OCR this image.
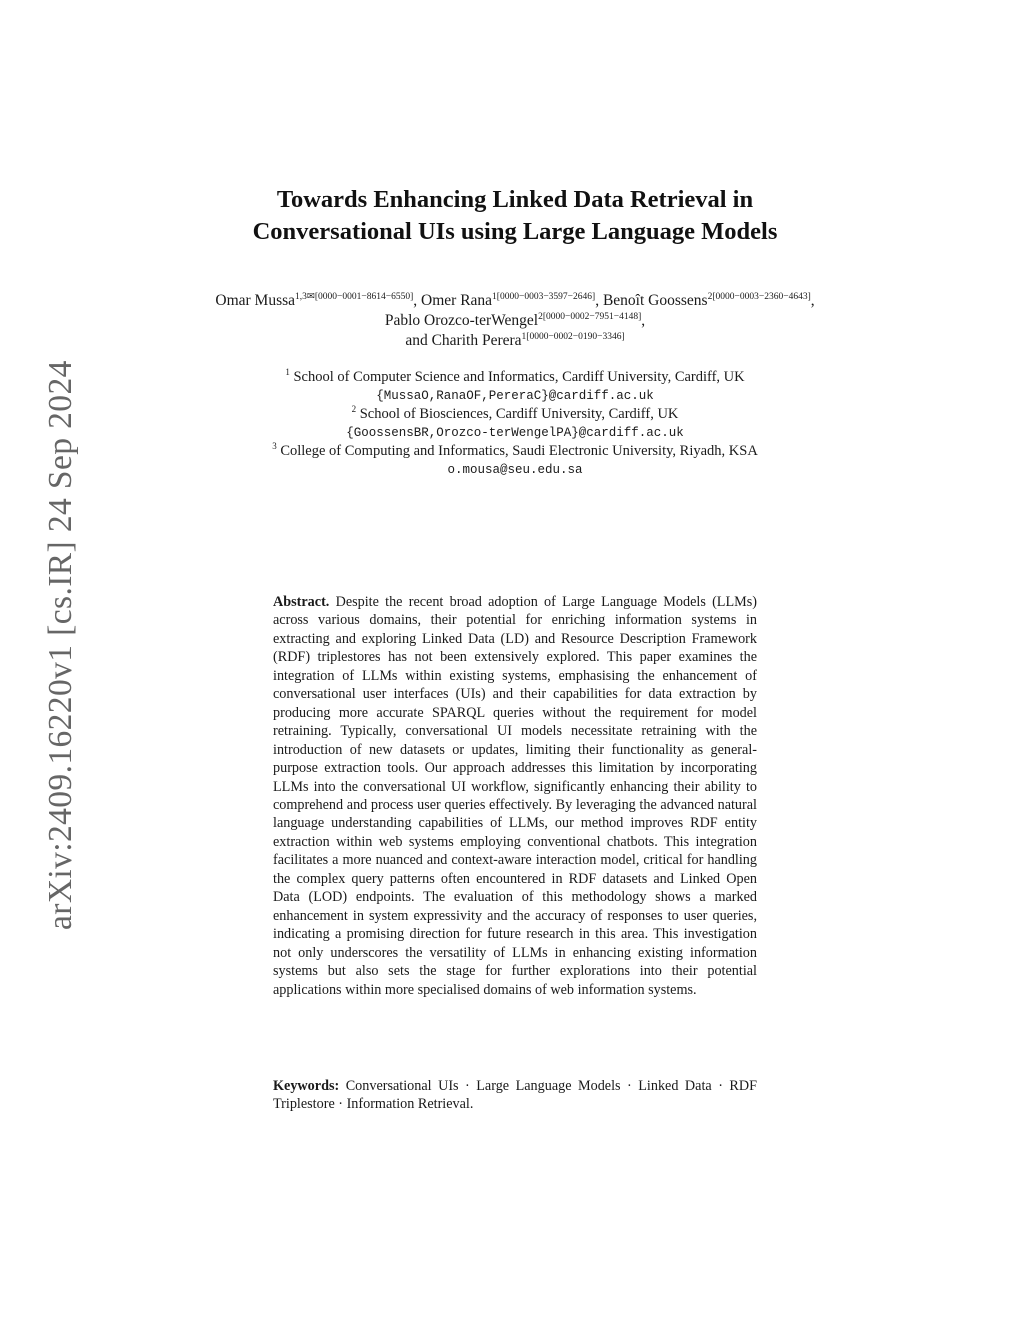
arXiv:2409.16220v1 [cs.IR] 24 Sep 2024
Towards Enhancing Linked Data Retrieval in
Conversational UIs using Large Language Models
Omar Mussa$^{1,3✉[0000-0001-8614-6550]}$, Omer Rana$^{1[0000-0003-3597-2646]}$, Benoît Goossens$^{2[0000-0003-2360-4643]}$, Pablo Orozco-terWengel$^{2[0000-0002-7951-4148]}$,
and Charith Perera$^{1[0000-0002-0190-3346]}$
$^1$ School of Computer Science and Informatics, Cardiff University, Cardiff, UK
{MussaO,RanaOF,PereraC}@cardiff.ac.uk
$^2$ School of Biosciences, Cardiff University, Cardiff, UK
{GoossensBR,Orozco-terWengelPA}@cardiff.ac.uk
$^3$ College of Computing and Informatics, Saudi Electronic University, Riyadh, KSA
o.mousa@seu.edu.sa
Abstract. Despite the recent broad adoption of Large Language Models (LLMs) across various domains, their potential for enriching information systems in extracting and exploring Linked Data (LD) and Resource Description Framework (RDF) triplestores has not been extensively explored. This paper examines the integration of LLMs within existing systems, emphasising the enhancement of conversational user interfaces (UIs) and their capabilities for data extraction by producing more accurate SPARQL queries without the requirement for model retraining. Typically, conversational UI models necessitate retraining with the introduction of new datasets or updates, limiting their functionality as general-purpose extraction tools. Our approach addresses this limitation by incorporating LLMs into the conversational UI workflow, significantly enhancing their ability to comprehend and process user queries effectively. By leveraging the advanced natural language understanding capabilities of LLMs, our method improves RDF entity extraction within web systems employing conventional chatbots. This integration facilitates a more nuanced and context-aware interaction model, critical for handling the complex query patterns often encountered in RDF datasets and Linked Open Data (LOD) endpoints. The evaluation of this methodology shows a marked enhancement in system expressivity and the accuracy of responses to user queries, indicating a promising direction for future research in this area. This investigation not only underscores the versatility of LLMs in enhancing existing information systems but also sets the stage for further explorations into their potential applications within more specialised domains of web information systems.
Keywords: Conversational UIs · Large Language Models · Linked Data · RDF Triplestore · Information Retrieval.
